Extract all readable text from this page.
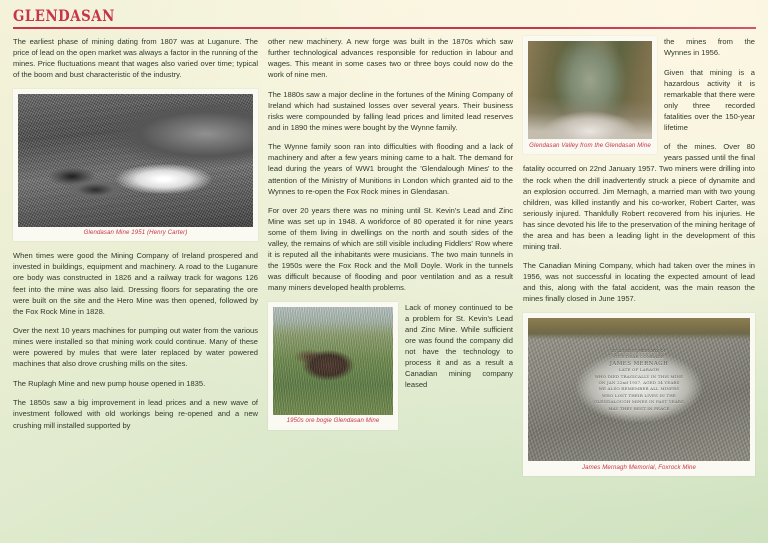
GLENDASAN

The earliest phase of mining dating from 1807 was at Luganure. The price of lead on the open market was always a factor in the running of the mines. Price fluctuations meant that wages also varied over time; typical of the boom and bust characteristic of the industry.

Glendasan Mine 1951 (Henry Carter)

When times were good the Mining Company of Ireland prospered and invested in buildings, equipment and machinery. A road to the Luganure ore body was constructed in 1826 and a railway track for wagons 126 feet into the mine was also laid. Dressing floors for separating the ore were built on the site and the Hero Mine was then opened, followed by the Fox Rock Mine in 1828.

Over the next 10 years machines for pumping out water from the various mines were installed so that mining work could continue. Many of these were powered by mules that were later replaced by water powered machines that also drove crushing mills on the sites.

The Ruplagh Mine and new pump house opened in 1835.

The 1850s saw a big improvement in lead prices and a new wave of investment followed with old workings being re-opened and a new crushing mill installed supported by

other new machinery. A new forge was built in the 1870s which saw further technological advances responsible for reduction in labour and wages. This meant in some cases two or three boys could now do the work of nine men.

The 1880s saw a major decline in the fortunes of the Mining Company of Ireland which had sustained losses over several years. Their business risks were compounded by falling lead prices and limited lead reserves and in 1890 the mines were bought by the Wynne family.

The Wynne family soon ran into difficulties with flooding and a lack of machinery and after a few years mining came to a halt. The demand for lead during the years of WW1 brought the 'Glendalough Mines' to the attention of the Ministry of Munitions in London which granted aid to the Wynnes to re-open the Fox Rock mines in Glendasan.

For over 20 years there was no mining until St. Kevin's Lead and Zinc Mine was set up in 1948. A workforce of 80 operated it for nine years some of them living in dwellings on the north and south sides of the valley, the remains of which are still visible including Fiddlers' Row where it is reputed all the inhabitants were musicians. The two main tunnels in the 1950s were the Fox Rock and the Moll Doyle. Work in the tunnels was difficult because of flooding and poor ventilation and as a result many miners developed health problems.

1950s ore bogie Glendasan Mine

Lack of money continued to be a problem for St. Kevin's Lead and Zinc Mine. While sufficient ore was found the company did not have the technology to process it and as a result a Canadian mining company leased

Glendasan Valley from the Glendasan Mine

the mines from the Wynnes in 1956.

Given that mining is a hazardous activity it is remarkable that there were only three recorded fatalities over the 150-year lifetime

of the mines. Over 80 years passed until the final fatality occurred on 22nd January 1957. Two miners were drilling into the rock when the drill inadvertently struck a piece of dynamite and an explosion occurred. Jim Mernagh, a married man with two young children, was killed instantly and his co-worker, Robert Carter, was seriously injured. Thankfully Robert recovered from his injuries. He has since devoted his life to the preservation of the mining heritage of the area and has been a leading light in the development of this mining trail.

The Canadian Mining Company, which had taken over the mines in 1956, was not successful in locating the expected amount of lead and this, along with the fatal accident, was the main reason the mines finally closed in June 1957.

IN LOVING MEMORY OF
OUR DEAR COMRADE
JAMES MERNAGH
LATE OF LARAGH
WHO DIED TRAGICALLY IN THIS MINE
ON JAN 22nd 1957, AGED 34 YEARS
WE ALSO REMEMBER ALL MINERS
WHO LOST THEIR LIVES IN THE
GLENDALOUGH MINES IN PAST YEARS
MAY THEY REST IN PEACE
James Mernagh Memorial, Foxrock Mine
